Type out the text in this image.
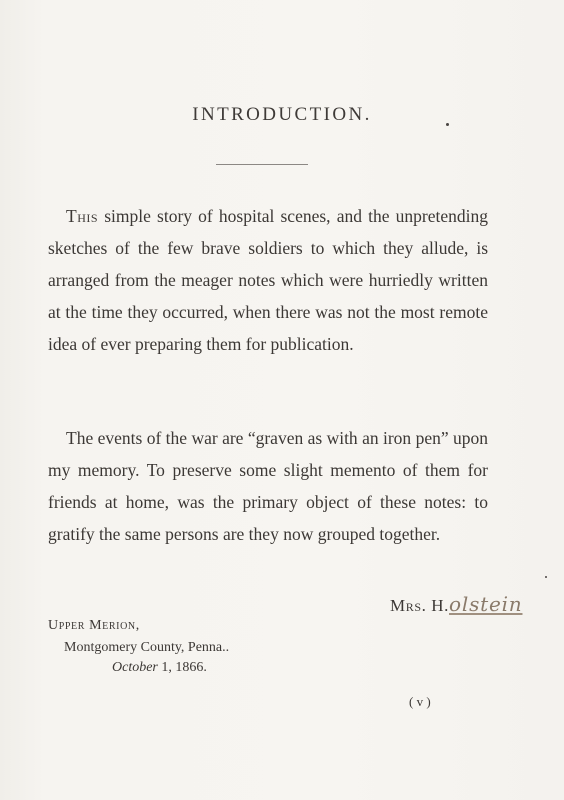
INTRODUCTION.

This simple story of hospital scenes, and the unpretending sketches of the few brave soldiers to which they allude, is arranged from the meager notes which were hurriedly written at the time they occurred, when there was not the most remote idea of ever preparing them for publication.

The events of the war are “graven as with an iron pen” upon my memory. To preserve some slight memento of them for friends at home, was the primary object of these notes: to gratify the same persons are they now grouped together.

Mrs. H.olstein
Upper Merion,
Montgomery County, Penna..
October 1, 1866.
( v )
